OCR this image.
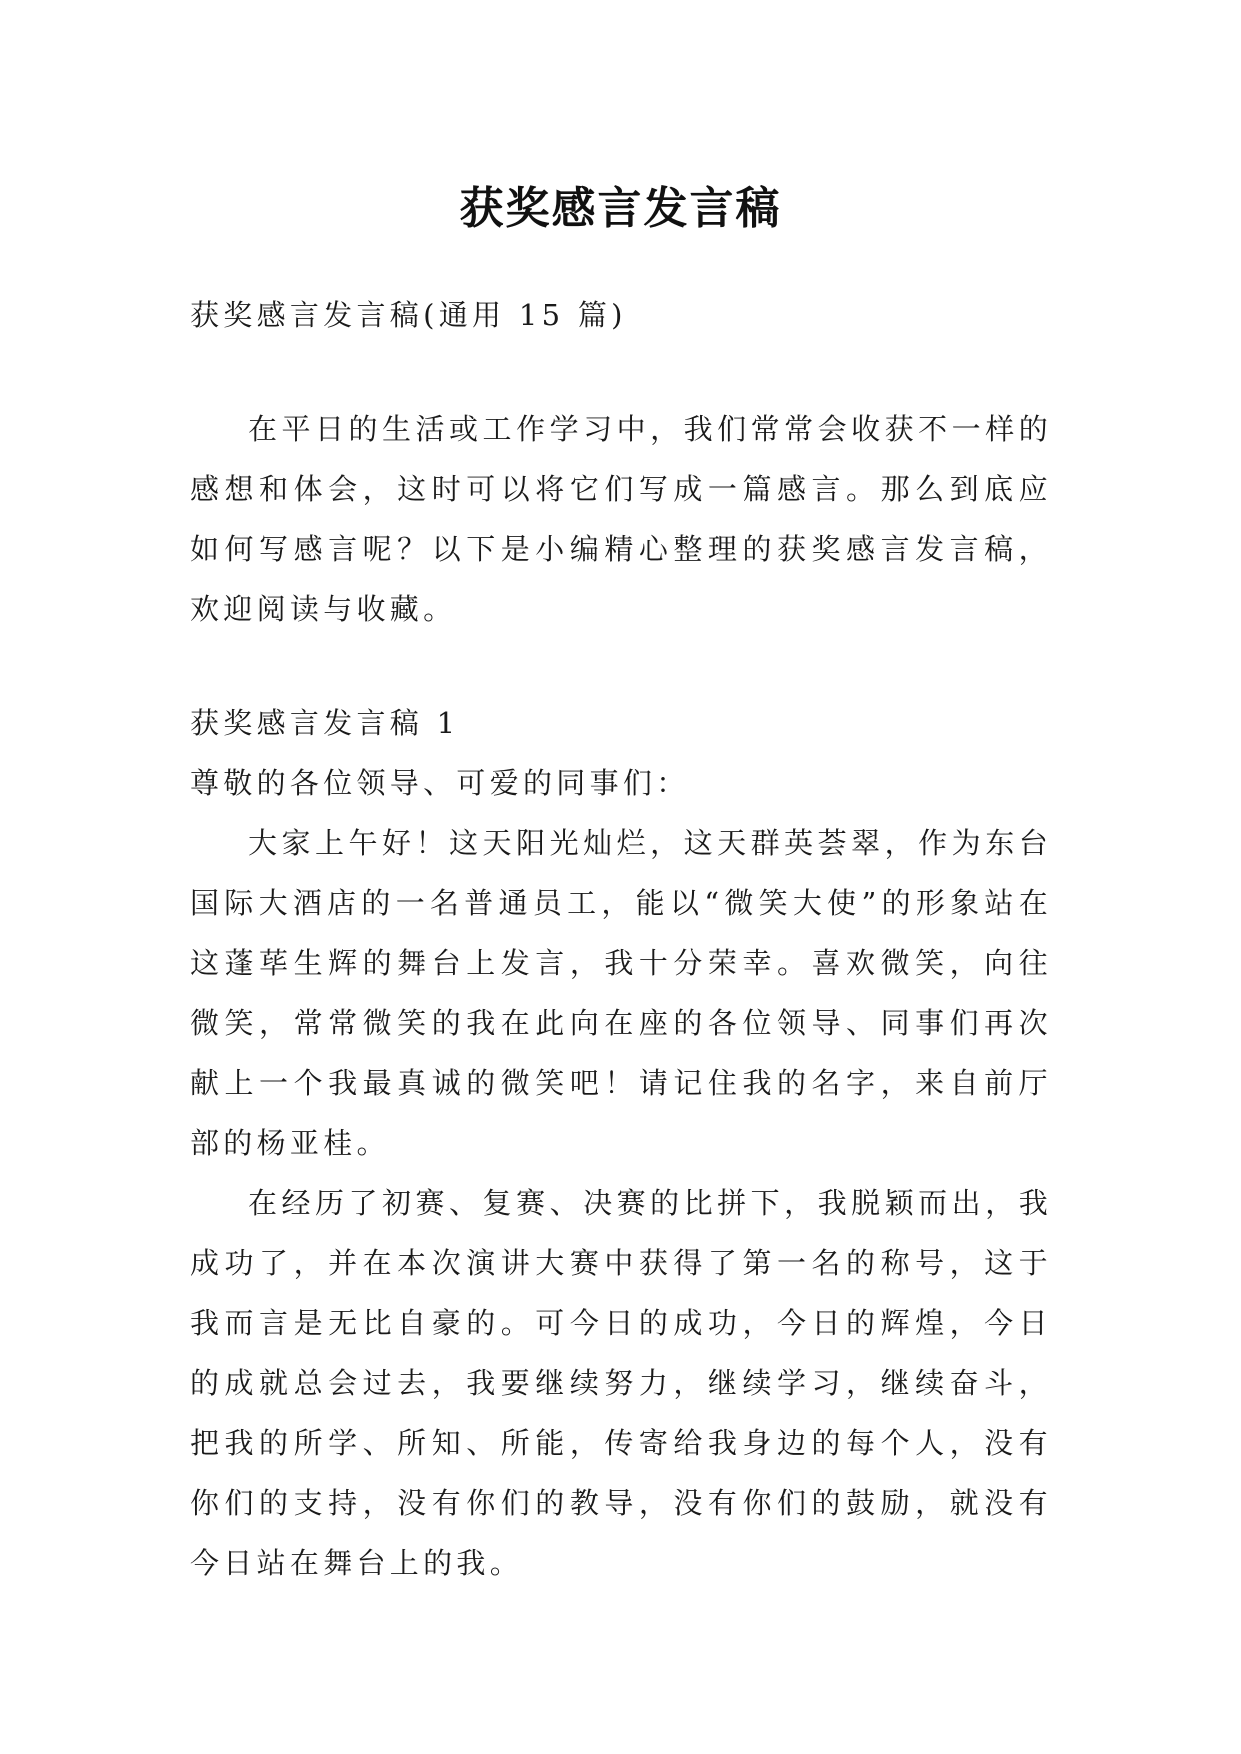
获奖感言发言稿

获奖感言发言稿(通用 15 篇)

在平日的生活或工作学习中，我们常常会收获不一样的感想和体会，这时可以将它们写成一篇感言。那么到底应如何写感言呢？以下是小编精心整理的获奖感言发言稿，欢迎阅读与收藏。

获奖感言发言稿 1

尊敬的各位领导、可爱的同事们：

大家上午好！这天阳光灿烂，这天群英荟翠，作为东台国际大酒店的一名普通员工，能以“微笑大使”的形象站在这蓬荜生辉的舞台上发言，我十分荣幸。喜欢微笑，向往微笑，常常微笑的我在此向在座的各位领导、同事们再次献上一个我最真诚的微笑吧！请记住我的名字，来自前厅部的杨亚桂。

在经历了初赛、复赛、决赛的比拼下，我脱颖而出，我成功了，并在本次演讲大赛中获得了第一名的称号，这于我而言是无比自豪的。可今日的成功，今日的辉煌，今日的成就总会过去，我要继续努力，继续学习，继续奋斗，把我的所学、所知、所能，传寄给我身边的每个人，没有你们的支持，没有你们的教导，没有你们的鼓励，就没有今日站在舞台上的我。
